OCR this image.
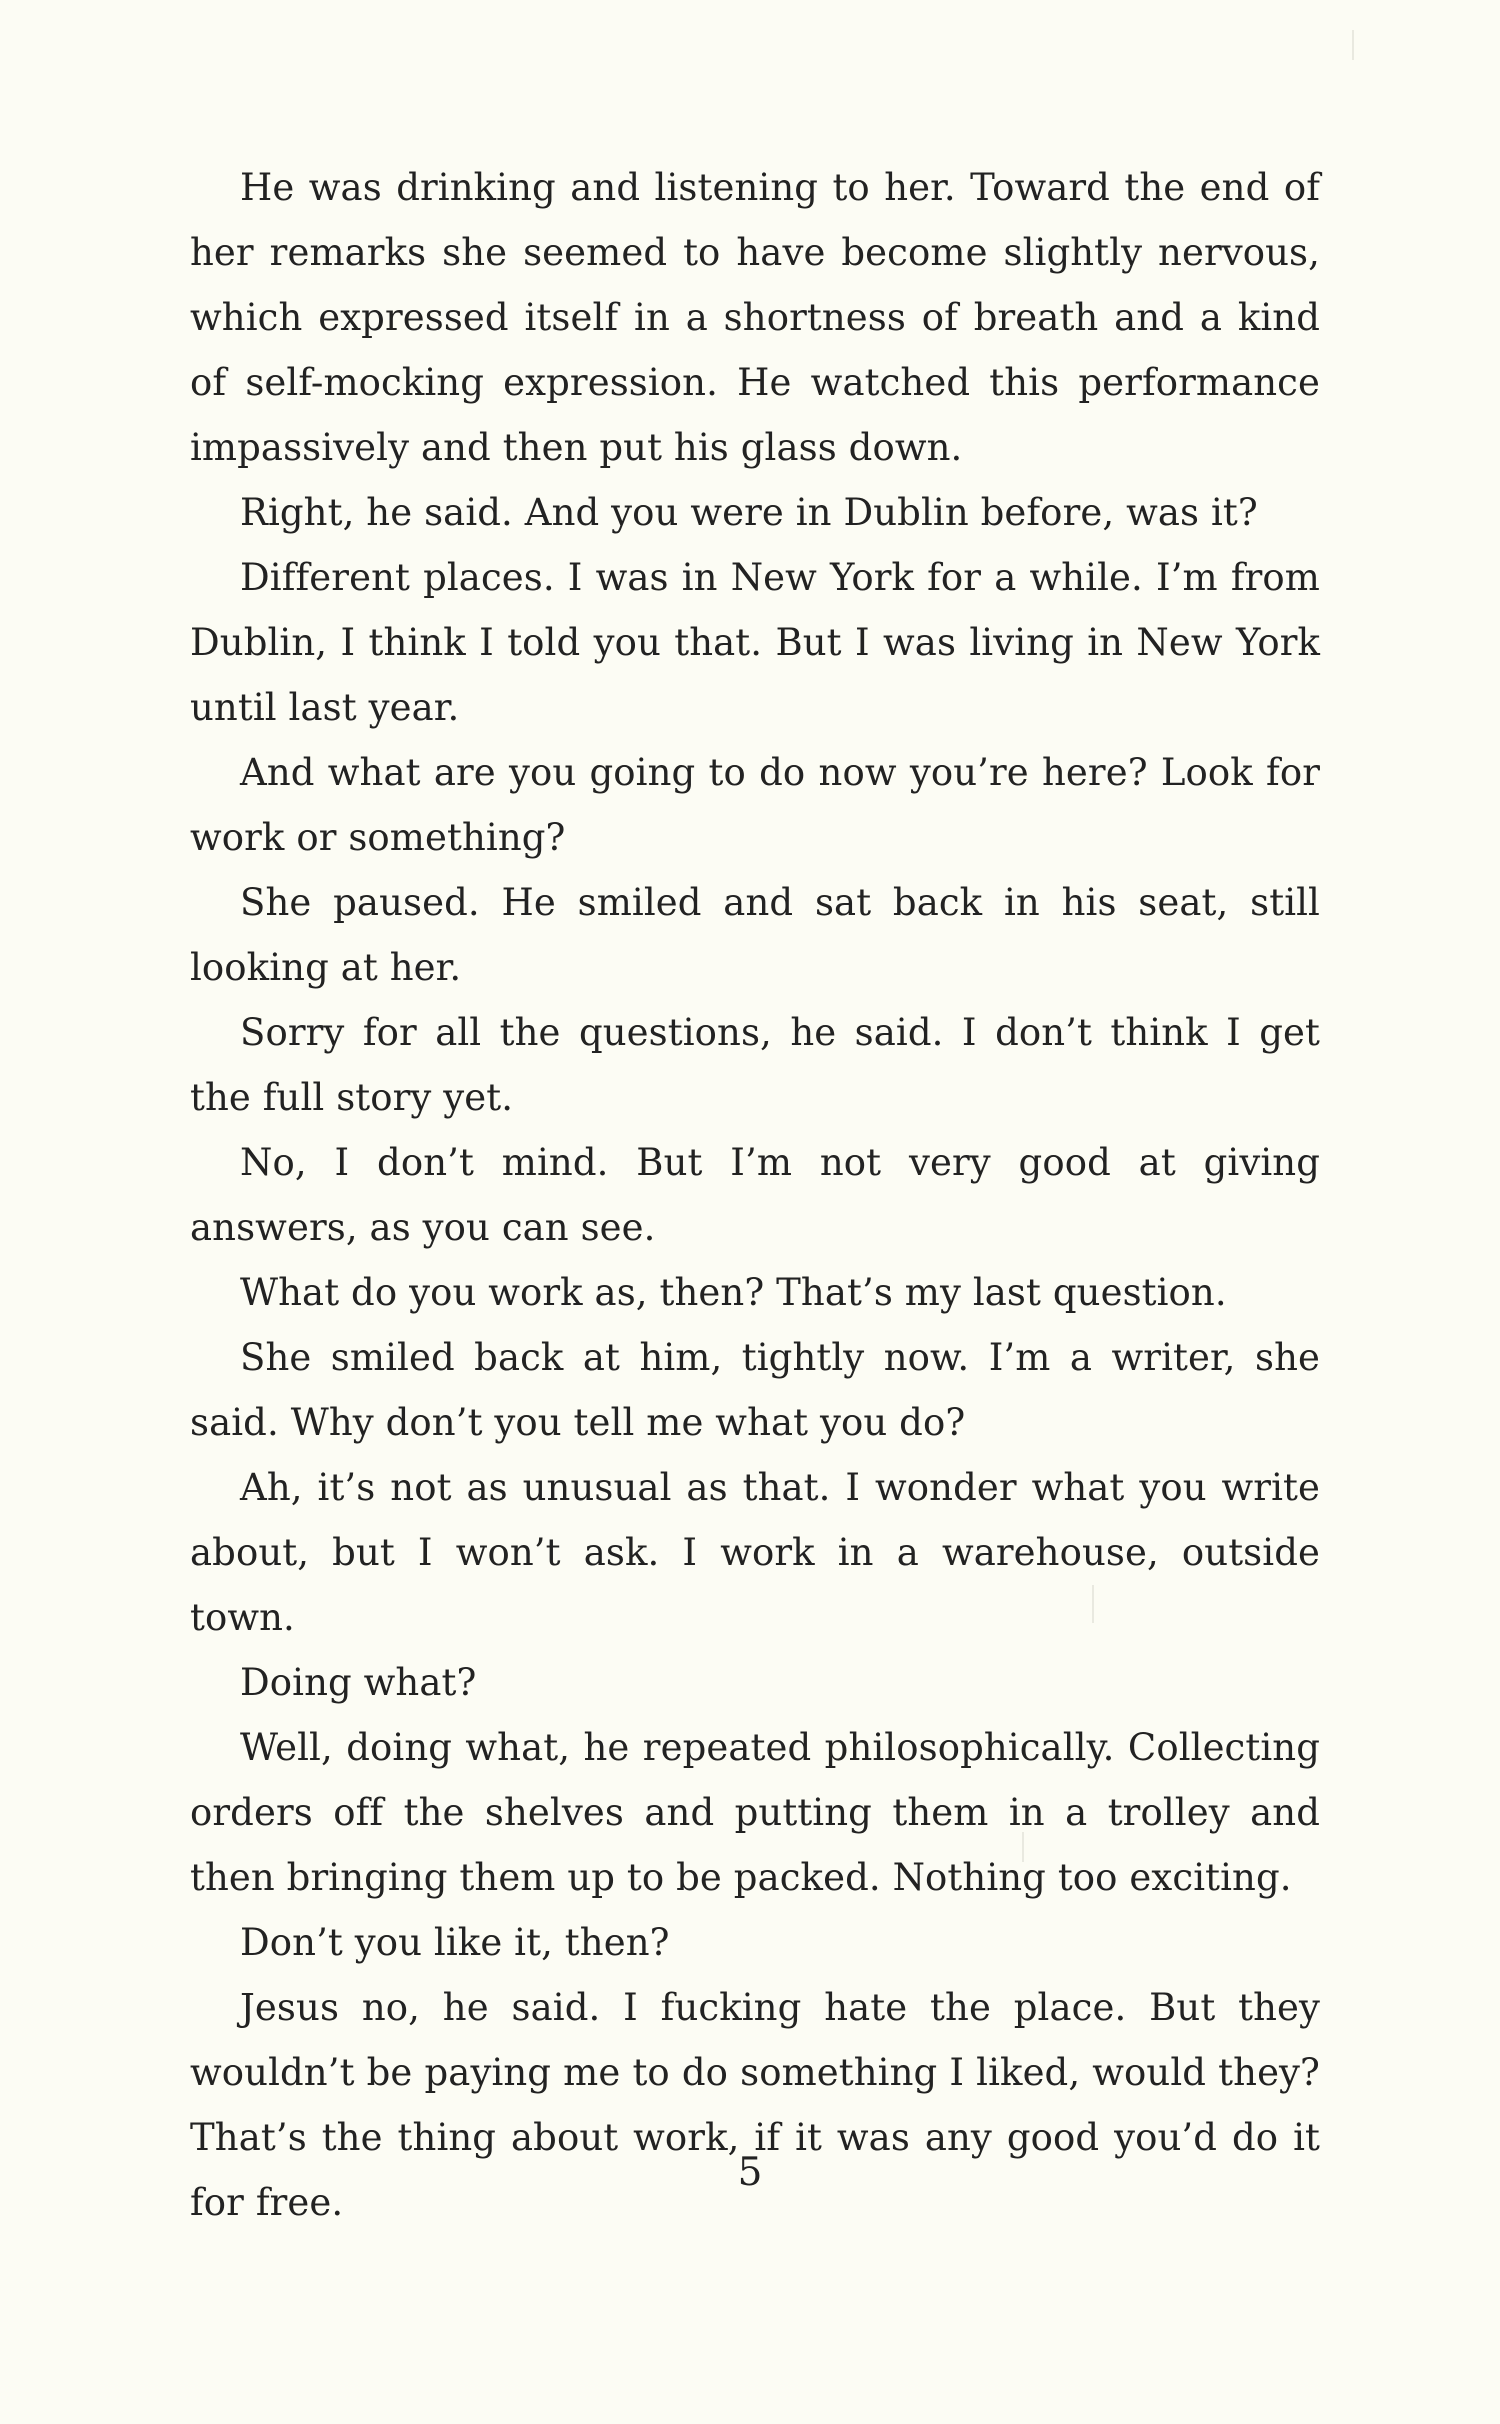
He was drinking and listening to her. Toward the end of her remarks she seemed to have become slightly nervous, which expressed itself in a shortness of breath and a kind of self-mocking expression. He watched this performance impassively and then put his glass down.

Right, he said. And you were in Dublin before, was it?

Different places. I was in New York for a while. I’m from Dublin, I think I told you that. But I was living in New York until last year.

And what are you going to do now you’re here? Look for work or something?

She paused. He smiled and sat back in his seat, still looking at her.

Sorry for all the questions, he said. I don’t think I get the full story yet.

No, I don’t mind. But I’m not very good at giving answers, as you can see.

What do you work as, then? That’s my last question.

She smiled back at him, tightly now. I’m a writer, she said. Why don’t you tell me what you do?

Ah, it’s not as unusual as that. I wonder what you write about, but I won’t ask. I work in a warehouse, outside town.

Doing what?

Well, doing what, he repeated philosophically. Collecting orders off the shelves and putting them in a trolley and then bringing them up to be packed. Nothing too exciting.

Don’t you like it, then?

Jesus no, he said. I fucking hate the place. But they wouldn’t be paying me to do something I liked, would they? That’s the thing about work, if it was any good you’d do it for free.

5
